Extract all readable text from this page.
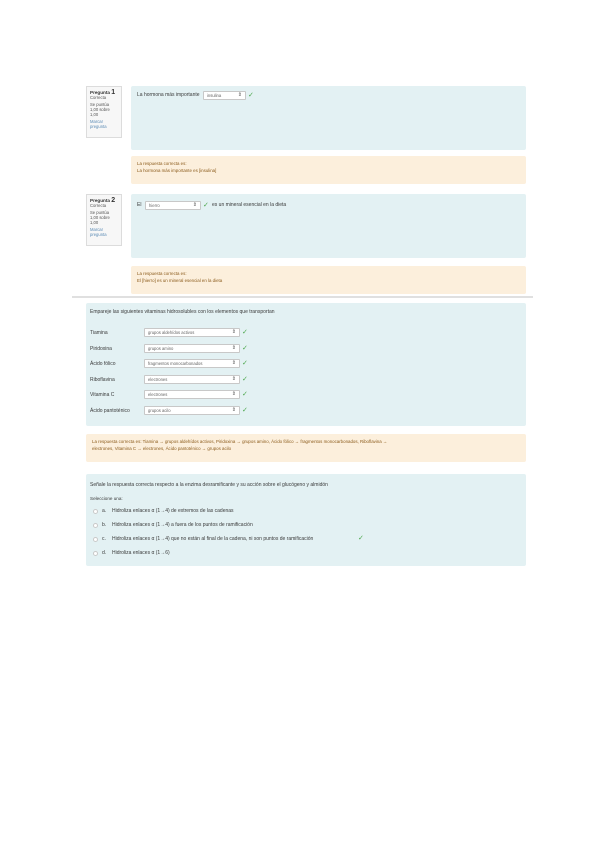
Pregunta 1
Correcta
Se puntúa 1,00 sobre 1,00
Marcar pregunta
La hormona más importante	insulina	⇕ ✓
La respuesta correcta es:
La hormona más importante es [insulina]
Pregunta 2
Correcta
Se puntúa 1,00 sobre 1,00
Marcar pregunta
El	hierro	⇕ ✓ es un mineral esencial en la dieta
La respuesta correcta es:
El [hierro] es un mineral esencial en la dieta
Empareje las siguientes vitaminas hidrosolubles con los elementos que transportan
Tiamina	grupos aldehídos activos	⇕ ✓
Piridoxina	grupos amino	⇕ ✓
Ácido fólico	fragmentos monocarbonados	⇕ ✓
Riboflavina	electrones	⇕ ✓
Vitamina C	electrones	⇕ ✓
Ácido pantoténico	grupos acilo	⇕ ✓
La respuesta correcta es: Tiamina → grupos aldehídos activos, Piridoxina → grupos amino, Ácido fólico → fragmentos monocarbonados, Riboflavina →
electrones, Vitamina C → electrones, Ácido pantoténico → grupos acilo
Señale la respuesta correcta respecto a la enzima desramificante y su acción sobre el glucógeno y almidón
Seleccione una:
a. Hidroliza enlaces α (1→4) de extremos de las cadenas
b. Hidroliza enlaces α (1→4) a fuera de los puntos de ramificación
c. Hidroliza enlaces α (1→4) que no están al final de la cadena, ni son puntos de ramificación	✓
d. Hidroliza enlaces α (1→6)
